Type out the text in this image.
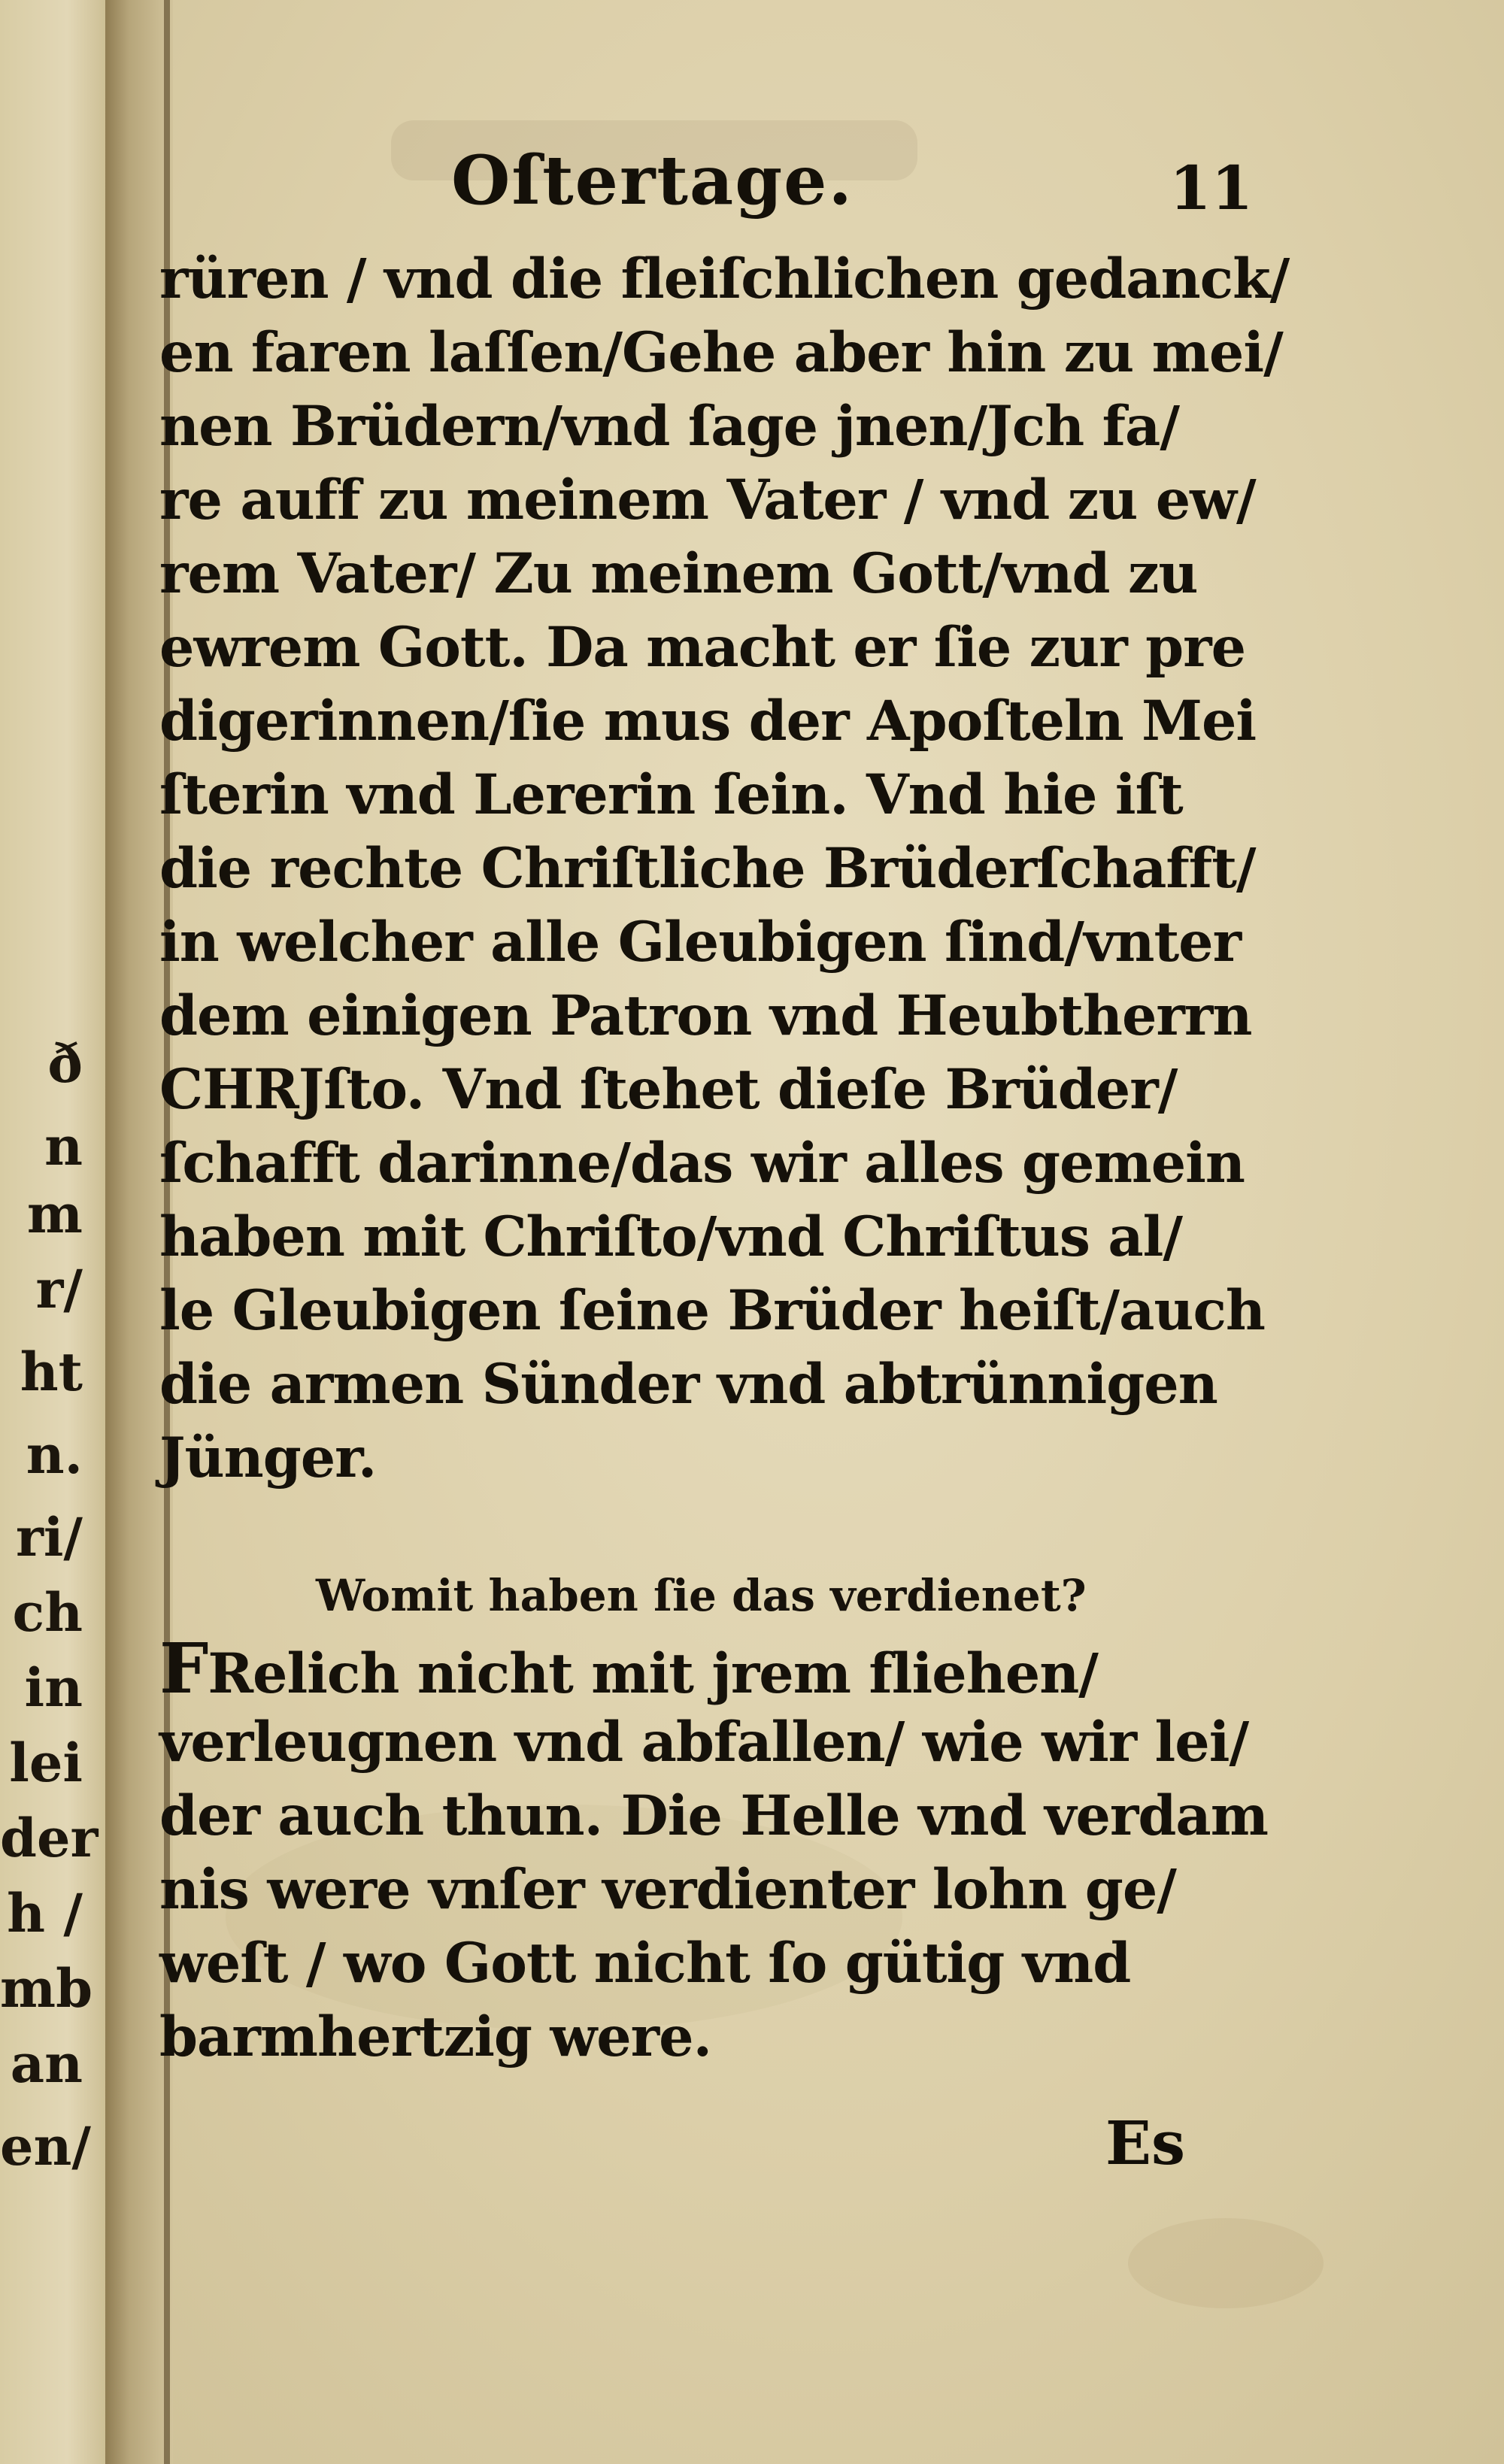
ð
n
m
r/
ht
n.
ri/
ch
in
lei
der
h /
mb
an
en/
Oſtertage.	11
rüren / vnd die fleiſchlichen gedanck/
en faren laſſen/Gehe aber hin zu mei/
nen Brüdern/vnd ſage jnen/Jch fa/
re auff zu meinem Vater / vnd zu ew/
rem Vater/ Zu meinem Gott/vnd zu
ewrem Gott. Da macht er ſie zur pre
digerinnen/ſie mus der Apoſteln Mei
ſterin vnd Lererin ſein. Vnd hie iſt
die rechte Chriſtliche Brüderſchafft/
in welcher alle Gleubigen ſind/vnter
dem einigen Patron vnd Heubtherrn
CHRJſto. Vnd ſtehet dieſe Brüder/
ſchafft darinne/das wir alles gemein
haben mit Chriſto/vnd Chriſtus al/
le Gleubigen ſeine Brüder heiſt/auch
die armen Sünder vnd abtrünnigen
Jünger.
Womit haben ſie das verdienet?
FRelich nicht mit jrem fliehen/
verleugnen vnd abfallen/ wie wir lei/
der auch thun. Die Helle vnd verdam
nis were vnſer verdienter lohn ge/
weſt / wo Gott nicht ſo gütig vnd
barmhertzig were.
Es
